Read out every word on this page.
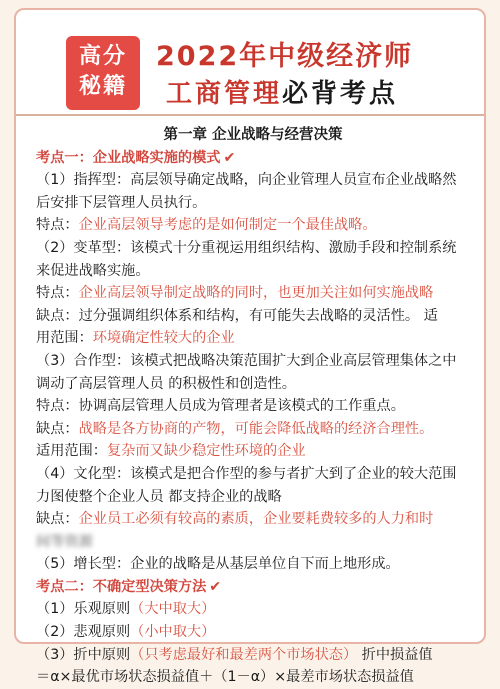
高分
秘籍
2022年中级经济师
工商管理必背考点
第一章 企业战略与经营决策

考点一：企业战略实施的模式 ✔

（1）指挥型：高层领导确定战略，向企业管理人员宣布企业战略然后安排下层管理人员执行。

特点：企业高层领导考虑的是如何制定一个最佳战略。

（2）变革型：该模式十分重视运用组织结构、激励手段和控制系统来促进战略实施。

特点：企业高层领导制定战略的同时，也更加关注如何实施战略

缺点：过分强调组织体系和结构，有可能失去战略的灵活性。 适

用范围：环境确定性较大的企业

（3）合作型：该模式把战略决策范围扩大到企业高层管理集体之中调动了高层管理人员 的积极性和创造性。

特点：协调高层管理人员成为管理者是该模式的工作重点。

缺点：战略是各方协商的产物，可能会降低战略的经济合理性。

适用范围：复杂而又缺少稳定性环境的企业

（4）文化型：该模式是把合作型的参与者扩大到了企业的较大范围力图使整个企业人员 都支持企业的战略

缺点：企业员工必须有较高的素质，企业要耗费较多的人力和时

间等资源

（5）增长型：企业的战略是从基层单位自下而上地形成。

考点二：不确定型决策方法 ✔

（1）乐观原则（大中取大）

（2）悲观原则（小中取大）

（3）折中原则（只考虑最好和最差两个市场状态） 折中损益值

＝α×最优市场状态损益值＋（1－α）×最差市场状态损益值
